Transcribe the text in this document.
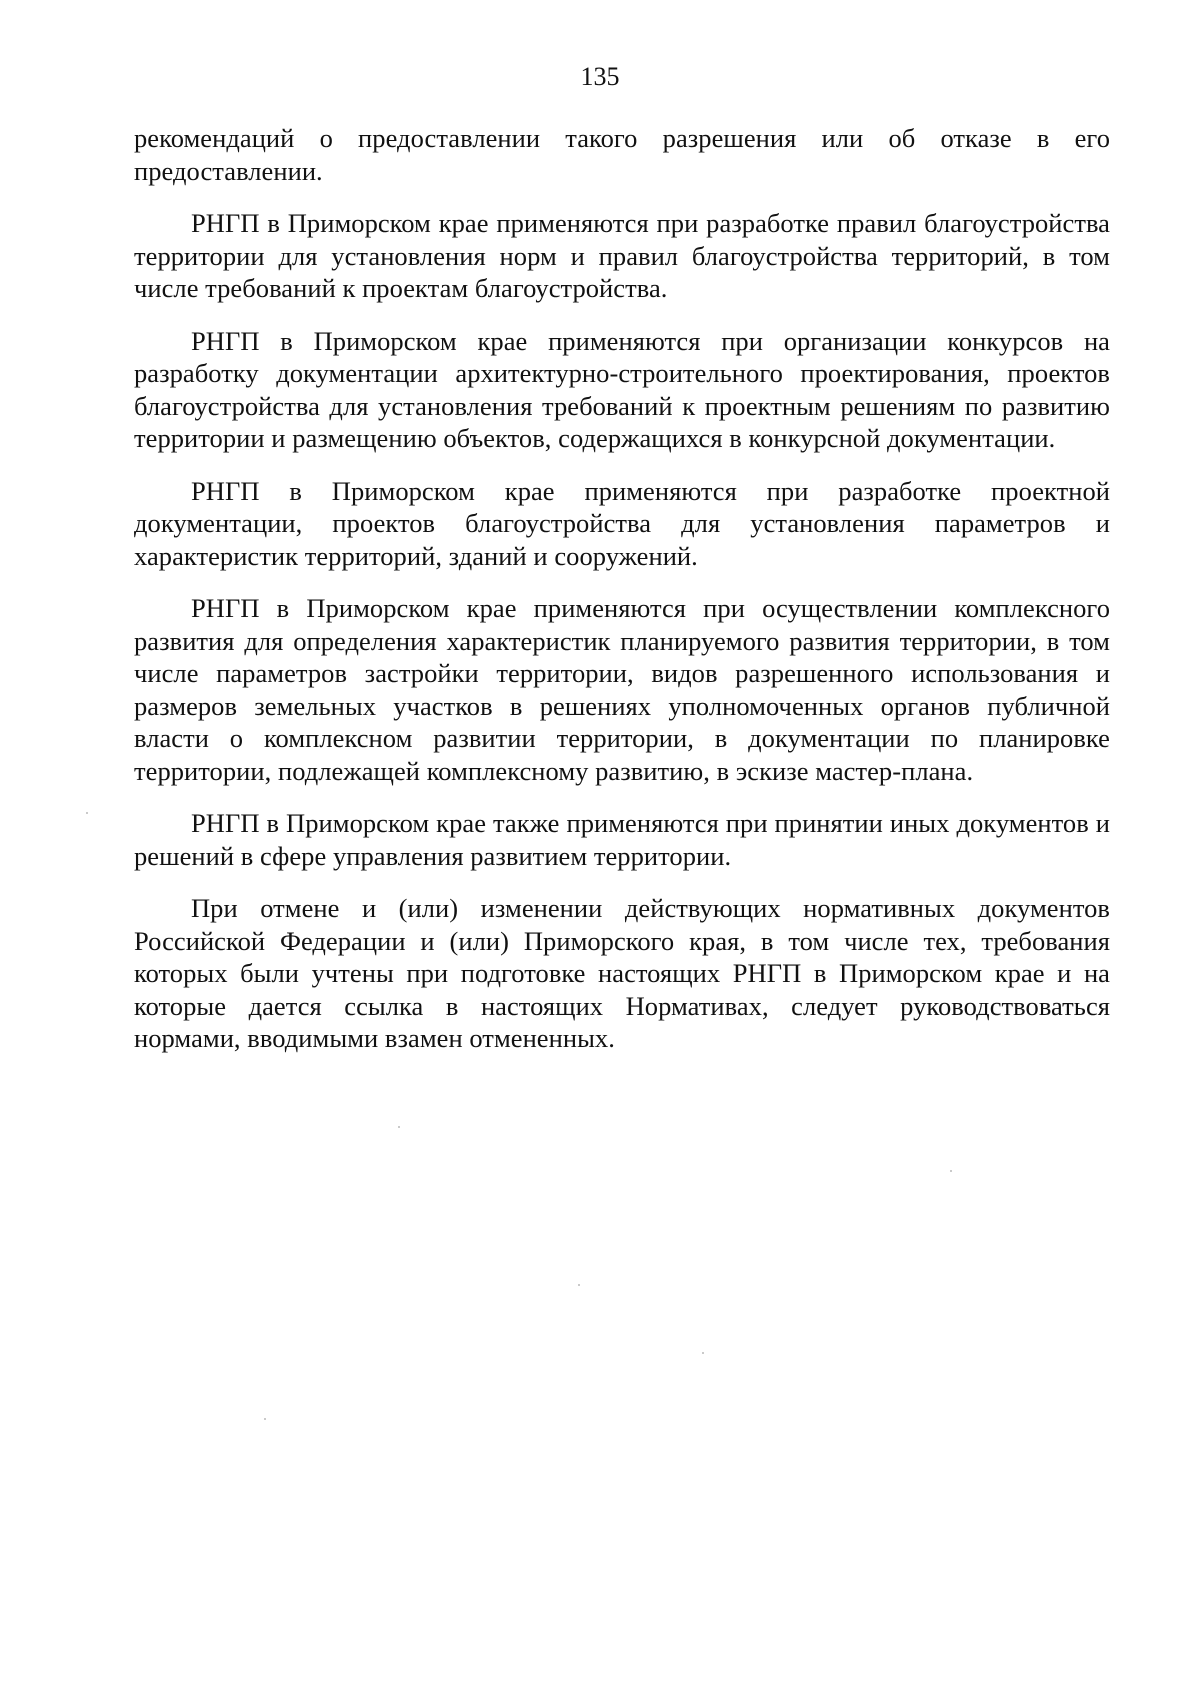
135

рекомендаций о предоставлении такого разрешения или об отказе в его предоставлении.

РНГП в Приморском крае применяются при разработке правил благоустройства территории для установления норм и правил благоустройства территорий, в том числе требований к проектам благоустройства.

РНГП в Приморском крае применяются при организации конкурсов на разработку документации архитектурно-строительного проектирования, проектов благоустройства для установления требований к проектным решениям по развитию территории и размещению объектов, содержащихся в конкурсной документации.

РНГП в Приморском крае применяются при разработке проектной документации, проектов благоустройства для установления параметров и характеристик территорий, зданий и сооружений.

РНГП в Приморском крае применяются при осуществлении комплексного развития для определения характеристик планируемого развития территории, в том числе параметров застройки территории, видов разрешенного использования и размеров земельных участков в решениях уполномоченных органов публичной власти о комплексном развитии территории, в документации по планировке территории, подлежащей комплексному развитию, в эскизе мастер-плана.

РНГП в Приморском крае также применяются при принятии иных документов и решений в сфере управления развитием территории.

При отмене и (или) изменении действующих нормативных документов Российской Федерации и (или) Приморского края, в том числе тех, требования которых были учтены при подготовке настоящих РНГП в Приморском крае и на которые дается ссылка в настоящих Нормативах, следует руководствоваться нормами, вводимыми взамен отмененных.
